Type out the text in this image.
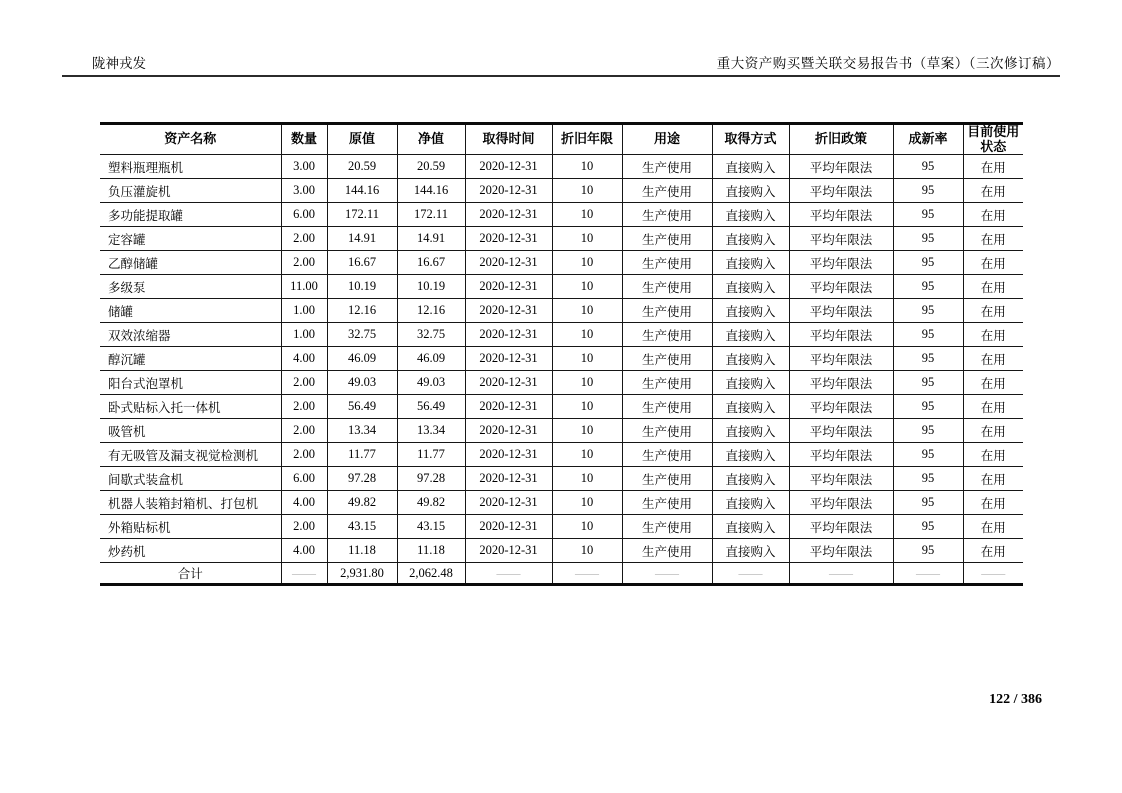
陇神戎发	重大资产购买暨关联交易报告书（草案）（三次修订稿）
资产名称	数量	原值	净值	取得时间	折旧年限	用途	取得方式	折旧政策	成新率	目前使用状态
塑料瓶理瓶机	3.00	20.59	20.59	2020-12-31	10	生产使用	直接购入	平均年限法	95	在用
负压灌旋机	3.00	144.16	144.16	2020-12-31	10	生产使用	直接购入	平均年限法	95	在用
多功能提取罐	6.00	172.11	172.11	2020-12-31	10	生产使用	直接购入	平均年限法	95	在用
定容罐	2.00	14.91	14.91	2020-12-31	10	生产使用	直接购入	平均年限法	95	在用
乙醇储罐	2.00	16.67	16.67	2020-12-31	10	生产使用	直接购入	平均年限法	95	在用
多级泵	11.00	10.19	10.19	2020-12-31	10	生产使用	直接购入	平均年限法	95	在用
储罐	1.00	12.16	12.16	2020-12-31	10	生产使用	直接购入	平均年限法	95	在用
双效浓缩器	1.00	32.75	32.75	2020-12-31	10	生产使用	直接购入	平均年限法	95	在用
醇沉罐	4.00	46.09	46.09	2020-12-31	10	生产使用	直接购入	平均年限法	95	在用
阳台式泡罩机	2.00	49.03	49.03	2020-12-31	10	生产使用	直接购入	平均年限法	95	在用
卧式贴标入托一体机	2.00	56.49	56.49	2020-12-31	10	生产使用	直接购入	平均年限法	95	在用
吸管机	2.00	13.34	13.34	2020-12-31	10	生产使用	直接购入	平均年限法	95	在用
有无吸管及漏支视觉检测机	2.00	11.77	11.77	2020-12-31	10	生产使用	直接购入	平均年限法	95	在用
间歇式装盒机	6.00	97.28	97.28	2020-12-31	10	生产使用	直接购入	平均年限法	95	在用
机器人装箱封箱机、打包机	4.00	49.82	49.82	2020-12-31	10	生产使用	直接购入	平均年限法	95	在用
外箱贴标机	2.00	43.15	43.15	2020-12-31	10	生产使用	直接购入	平均年限法	95	在用
炒药机	4.00	11.18	11.18	2020-12-31	10	生产使用	直接购入	平均年限法	95	在用
合计	——	2,931.80	2,062.48	——	——	——	——	——	——	——
122 / 386
